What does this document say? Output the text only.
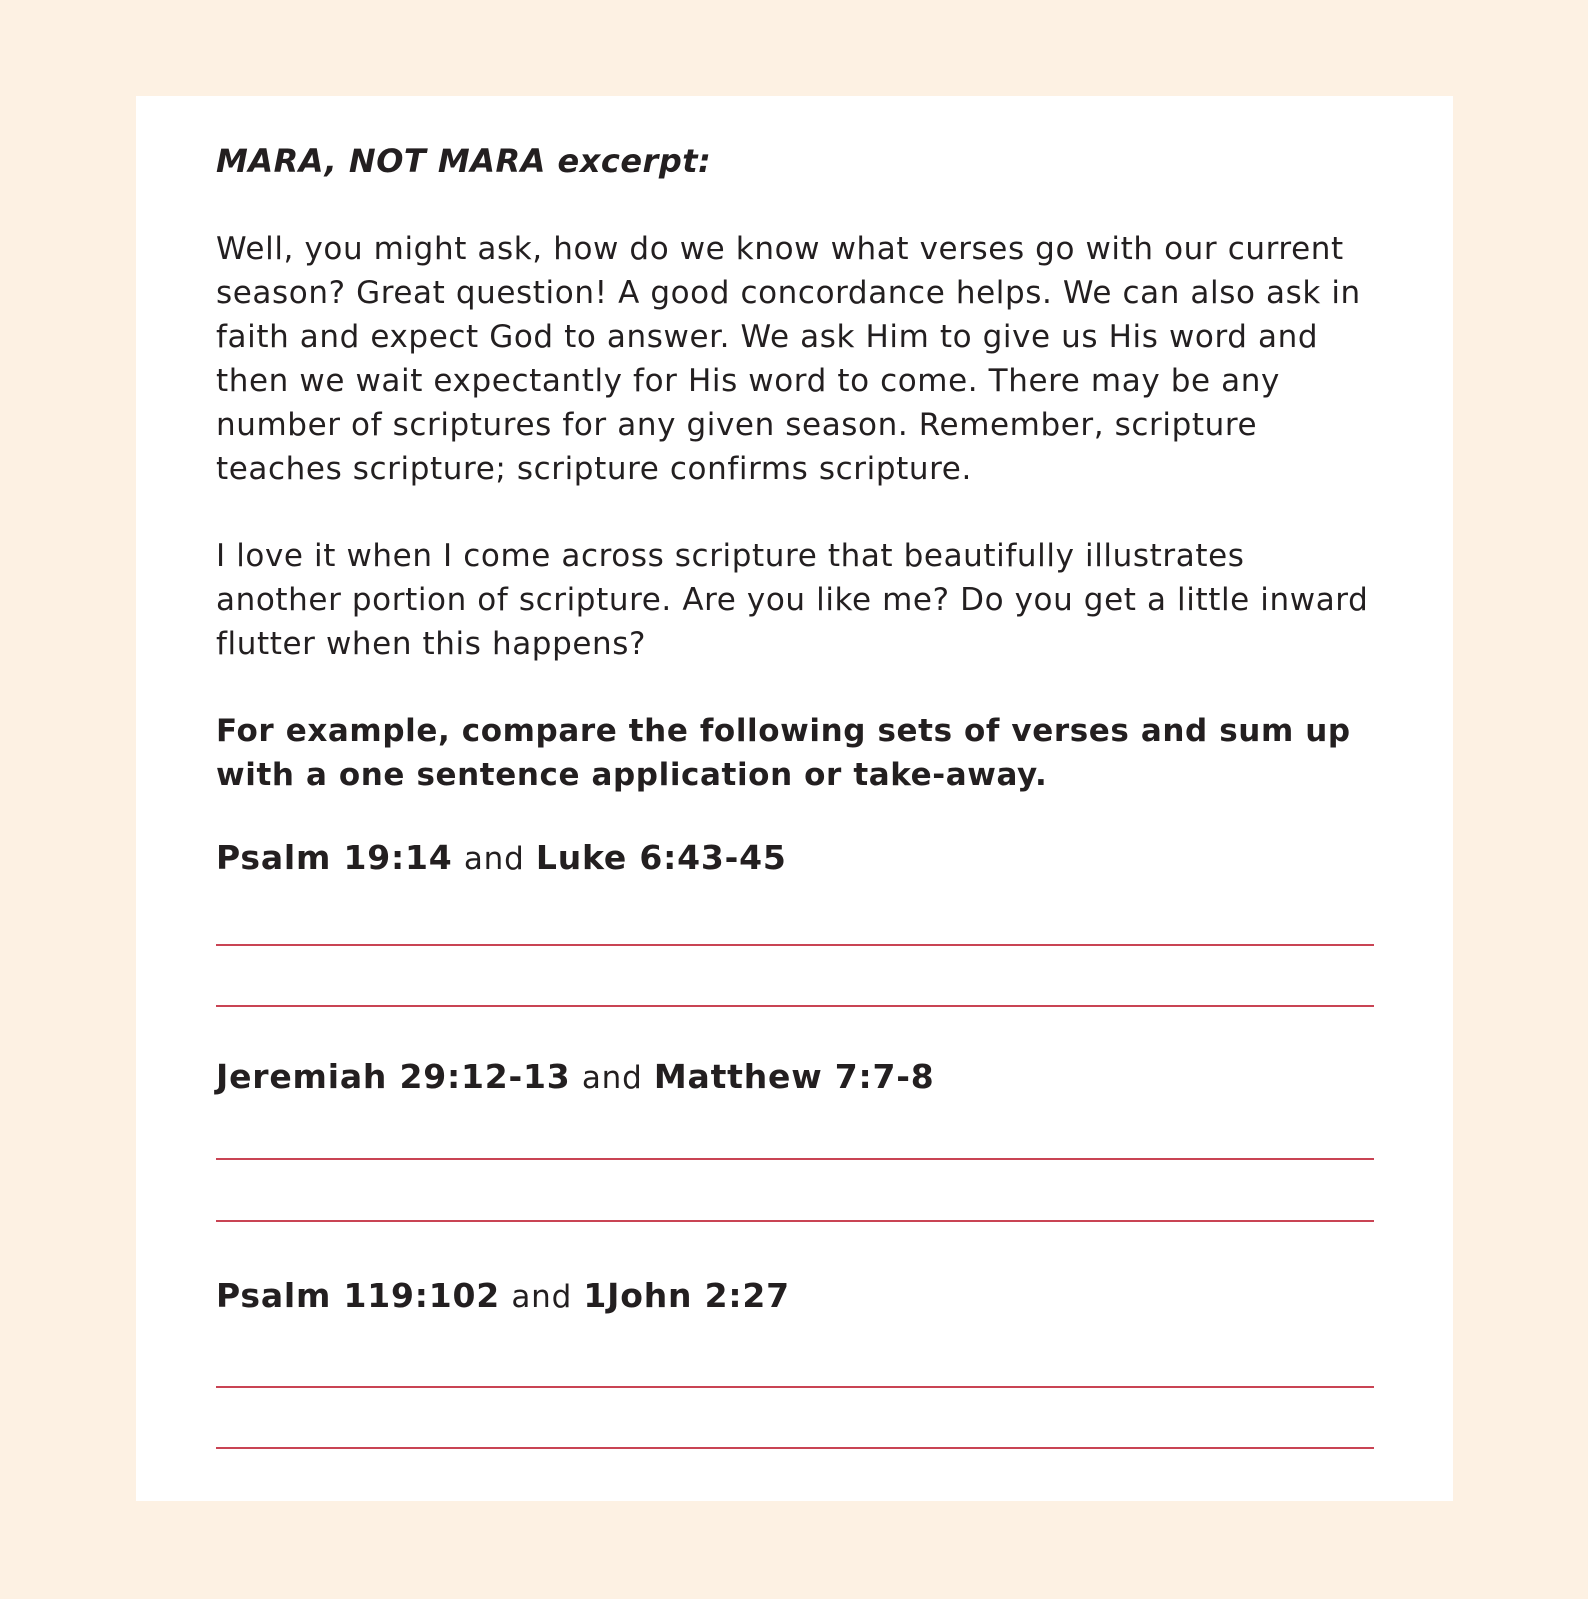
MARA, NOT MARA excerpt:

Well, you might ask, how do we know what verses go with our current season? Great question! A good concordance helps. We can also ask in faith and expect God to answer. We ask Him to give us His word and then we wait expectantly for His word to come. There may be any number of scriptures for any given season. Remember, scripture teaches scripture; scripture confirms scripture.

I love it when I come across scripture that beautifully illustrates another portion of scripture. Are you like me? Do you get a little inward flutter when this happens?

For example, compare the following sets of verses and sum up with a one sentence application or take-away.

Psalm 19:14 and Luke 6:43-45

Jeremiah 29:12-13 and Matthew 7:7-8

Psalm 119:102 and 1John 2:27
